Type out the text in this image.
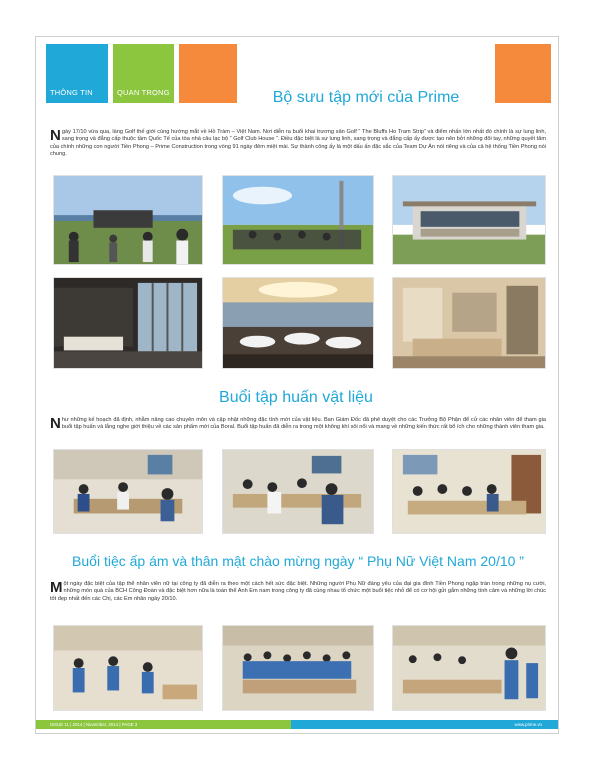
THÔNG TIN	QUAN TRỌNG	Bộ sưu tập mới của Prime

Ngày 17/10 vừa qua, làng Golf thế giới cùng hướng mắt về Hồ Tràm – Việt Nam. Nơi diễn ra buổi khai trương sân Golf “ The Bluffs Ho Tram Strip” và điểm nhấn lớn nhất đó chính là sự lung linh, sang trọng và đẳng cấp thuộc tầm Quốc Tế của tòa nhà câu lạc bộ “ Golf Club House ”. Điều đặc biệt là sự lung linh, sang trọng và đẳng cấp ấy được tạo nên bởi những đôi tay, những quyết tâm của chính những con người Tiền Phong – Prime Construction trong vòng 91 ngày đêm miệt mài. Sự thành công ấy là một dấu ấn đặc sắc của Team Dự Án nói riêng và của cả hệ thống Tiền Phong nói chung.

Buổi tập huấn vật liệu

Như những kế hoạch đã định, nhằm nâng cao chuyên môn và cập nhật những đặc tính mới của vật liệu. Ban Giám Đốc đã phê duyệt cho các Trưởng Bộ Phận để cử các nhân viên để tham gia buổi tập huấn và lắng nghe giới thiệu về các sản phẩm mới của Boral. Buổi tập huấn đã diễn ra trong một không khí sôi nổi và mang về những kiến thức rất bổ ích cho những thành viên tham gia.

Buổi tiệc ấp ám và thân mật chào mừng ngày “ Phụ Nữ Việt Nam 20/10 ”

Một ngày đặc biệt của tập thể nhân viên nữ tại công ty đã diễn ra theo một cách hết sức đặc biệt. Những người Phụ Nữ đáng yêu của đại gia đình Tiền Phong ngập tràn trong những nụ cười, những món quà của BCH Công Đoàn và đặc biệt hơn nữa là toàn thể Anh Em nam trong công ty đã cùng nhau tổ chức một buổi tiệc nhỏ để có cơ hội gửi gắm những tình cảm và những lời chúc tốt đẹp nhất đến các Chị, các Em nhân ngày 20/10.

ISSUE 11 | 2014 | November, 2014 | PAGE 3	www.prime.vn
